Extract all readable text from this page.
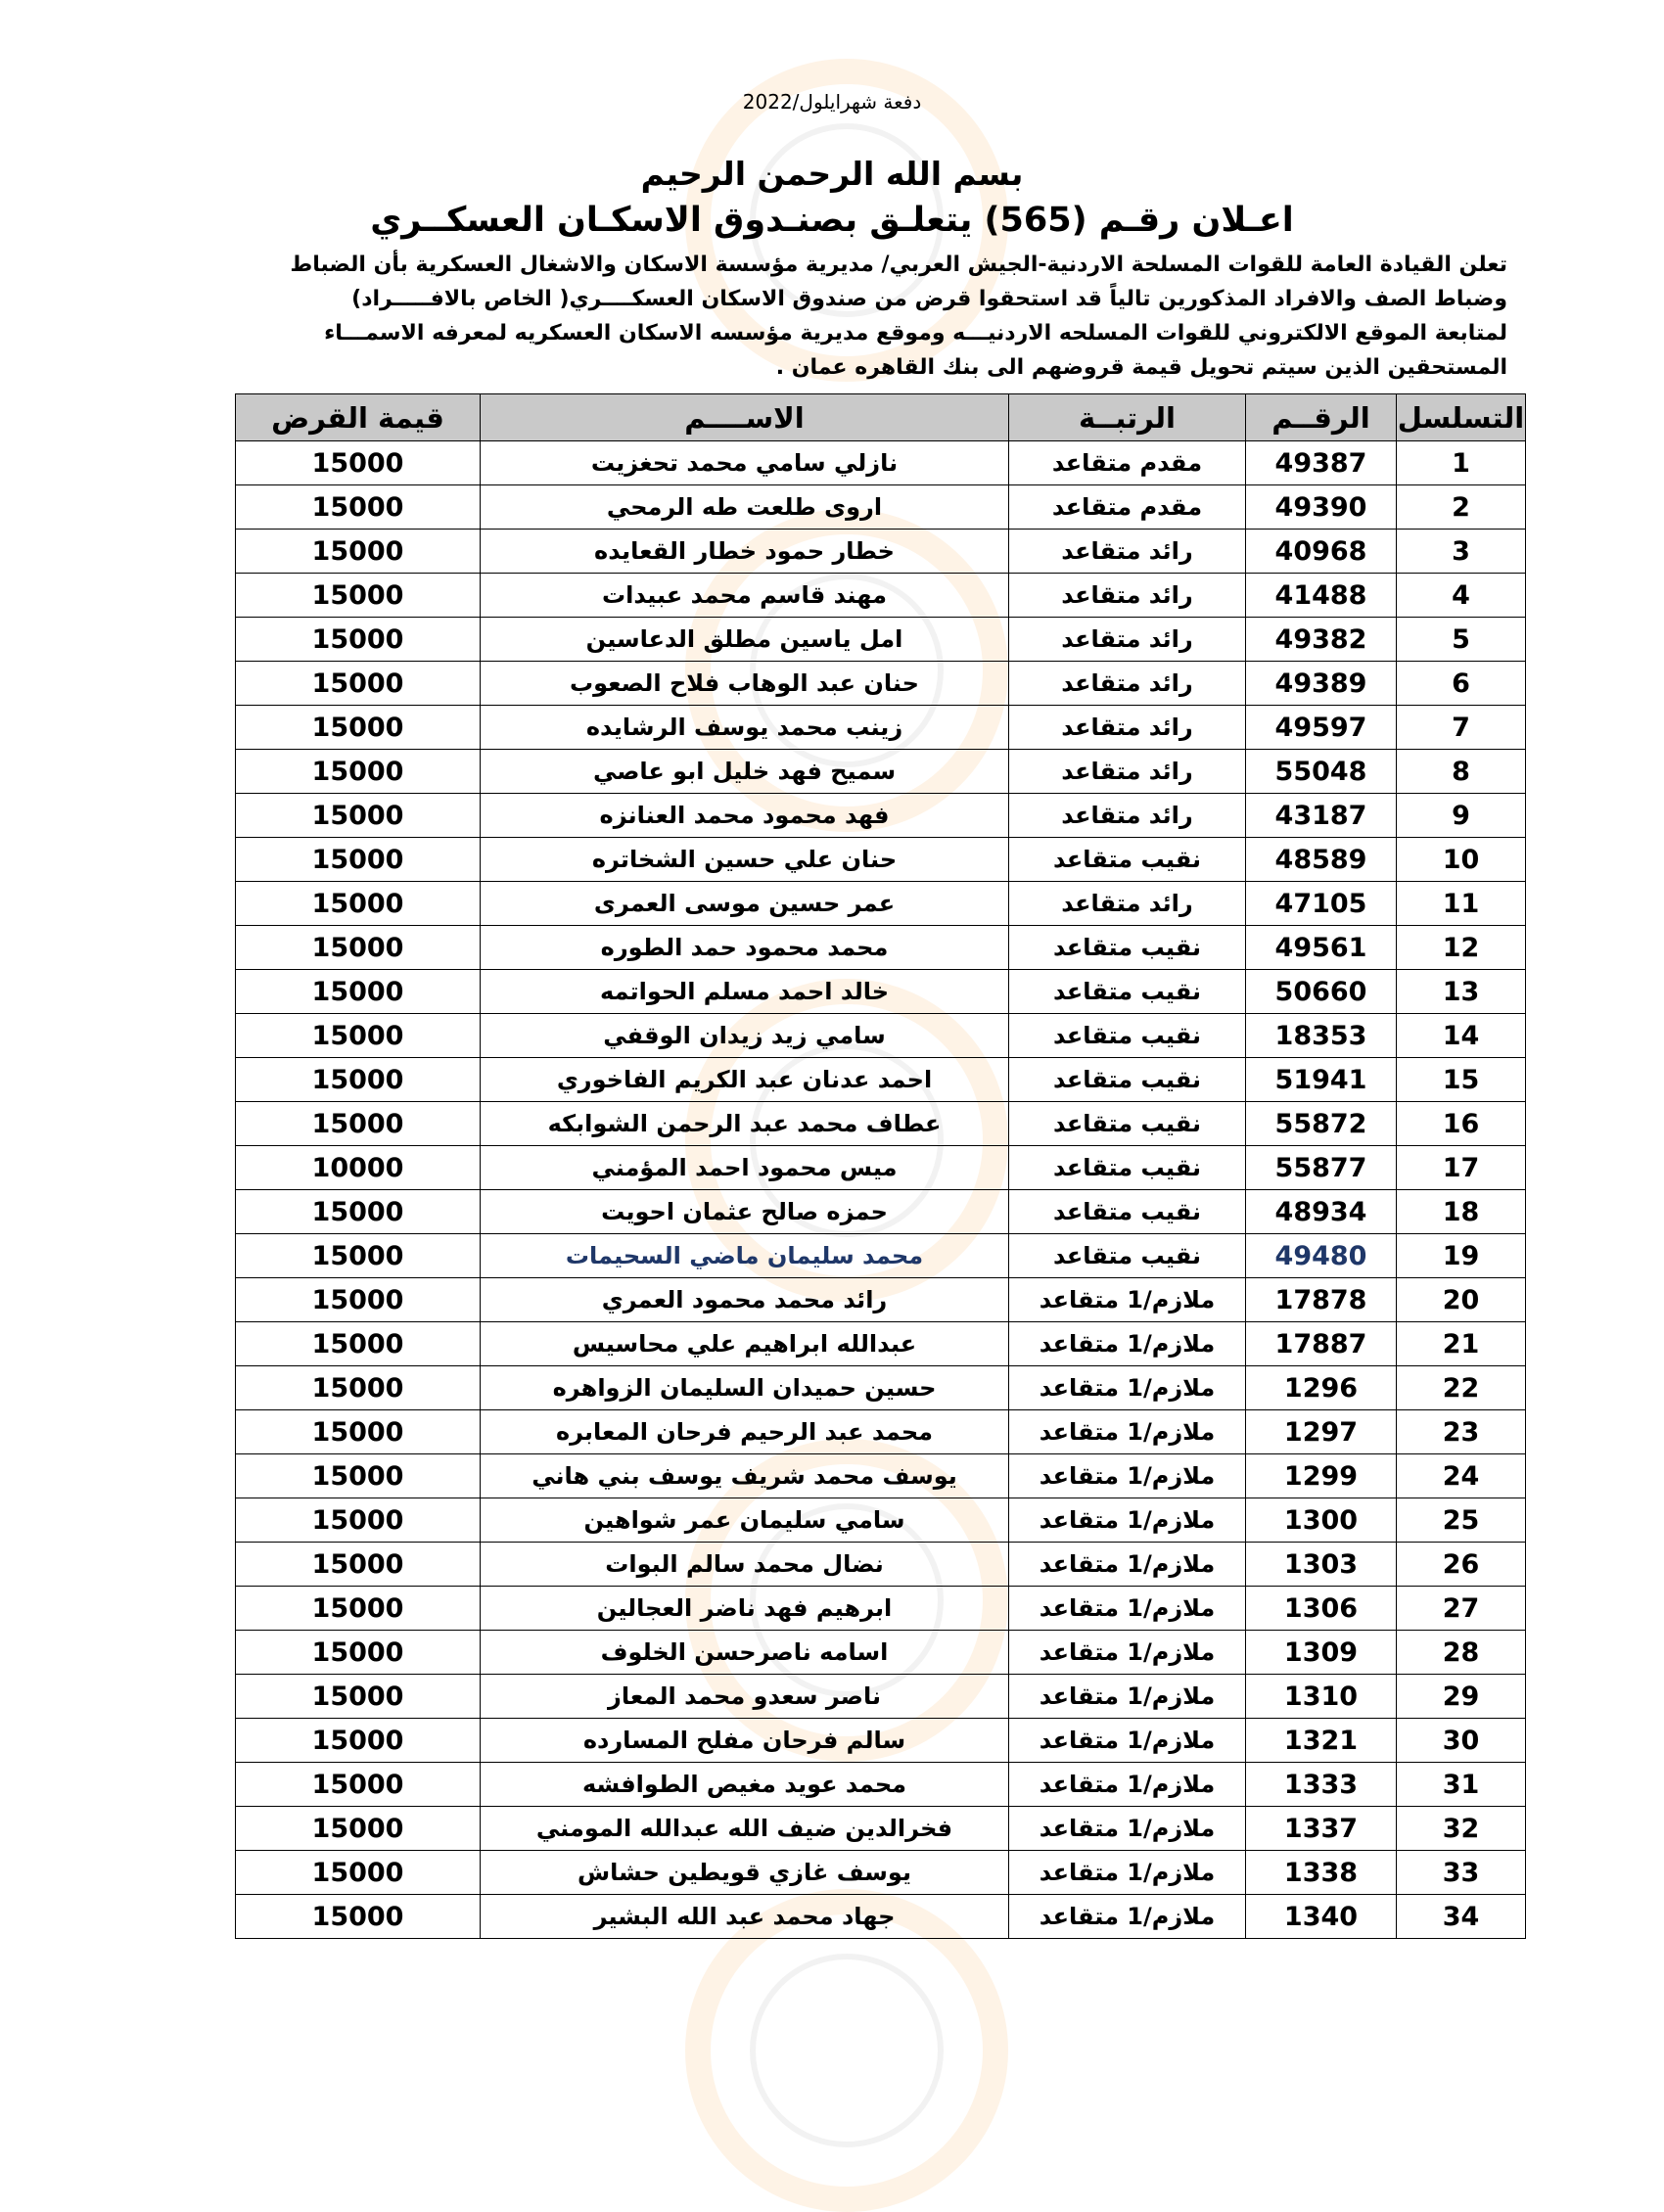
دفعة شهرايلول/2022
بسم الله الرحمن الرحيم
اعـلان رقـم (565) يتعلـق بصنـدوق الاسكـان العسكــري
تعلن القيادة العامة للقوات المسلحة الاردنية-الجيش العربي/ مديرية مؤسسة الاسكان والاشغال العسكرية بأن الضباط
وضباط الصف والافراد المذكورين تالياً قد استحقوا قرض من صندوق الاسكان العسكــــري( الخاص بالافـــــراد)
لمتابعة الموقع الالكتروني للقوات المسلحه الاردنيـــه وموقع مديرية مؤسسه الاسكان العسكريه لمعرفه الاسمـــاء
المستحقين الذين سيتم تحويل قيمة قروضهم الى بنك القاهره عمان .
التسلسل	الرقــم	الرتبــة	الاســــم	قيمة القرض
1	49387	مقدم متقاعد	نازلي سامي محمد تحغزيت	15000
2	49390	مقدم متقاعد	اروى طلعت طه الرمحي	15000
3	40968	رائد متقاعد	خطار حمود خطار القعايده	15000
4	41488	رائد متقاعد	مهند قاسم محمد عبيدات	15000
5	49382	رائد متقاعد	امل ياسين مطلق الدعاسين	15000
6	49389	رائد متقاعد	حنان عبد الوهاب فلاح الصعوب	15000
7	49597	رائد متقاعد	زينب محمد يوسف الرشايده	15000
8	55048	رائد متقاعد	سميح فهد خليل ابو عاصي	15000
9	43187	رائد متقاعد	فهد محمود محمد العنانزه	15000
10	48589	نقيب متقاعد	حنان علي حسين الشخاتره	15000
11	47105	رائد متقاعد	عمر حسين موسى العمرى	15000
12	49561	نقيب متقاعد	محمد محمود حمد الطوره	15000
13	50660	نقيب متقاعد	خالد احمد مسلم الحواتمه	15000
14	18353	نقيب متقاعد	سامي زيد زيدان الوقفي	15000
15	51941	نقيب متقاعد	احمد عدنان عبد الكريم الفاخوري	15000
16	55872	نقيب متقاعد	عطاف محمد عبد الرحمن الشوابكه	15000
17	55877	نقيب متقاعد	ميس محمود احمد المؤمني	10000
18	48934	نقيب متقاعد	حمزه صالح عثمان احويت	15000
19	49480	نقيب متقاعد	محمد سليمان ماضي السحيمات	15000
20	17878	ملازم/1 متقاعد	رائد محمد محمود العمري	15000
21	17887	ملازم/1 متقاعد	عبدالله ابراهيم علي محاسيس	15000
22	1296	ملازم/1 متقاعد	حسين حميدان السليمان الزواهره	15000
23	1297	ملازم/1 متقاعد	محمد عبد الرحيم فرحان المعابره	15000
24	1299	ملازم/1 متقاعد	يوسف محمد شريف يوسف بني هاني	15000
25	1300	ملازم/1 متقاعد	سامي سليمان عمر شواهين	15000
26	1303	ملازم/1 متقاعد	نضال محمد سالم البوات	15000
27	1306	ملازم/1 متقاعد	ابرهيم فهد ناضر العجالين	15000
28	1309	ملازم/1 متقاعد	اسامه ناصرحسن الخلوف	15000
29	1310	ملازم/1 متقاعد	ناصر سعدو محمد المعاز	15000
30	1321	ملازم/1 متقاعد	سالم فرحان مفلح المسارده	15000
31	1333	ملازم/1 متقاعد	محمد عويد مغيص الطوافشه	15000
32	1337	ملازم/1 متقاعد	فخرالدين ضيف الله عبدالله المومني	15000
33	1338	ملازم/1 متقاعد	يوسف غازي قويطين حشاش	15000
34	1340	ملازم/1 متقاعد	جهاد محمد عبد الله البشير	15000
